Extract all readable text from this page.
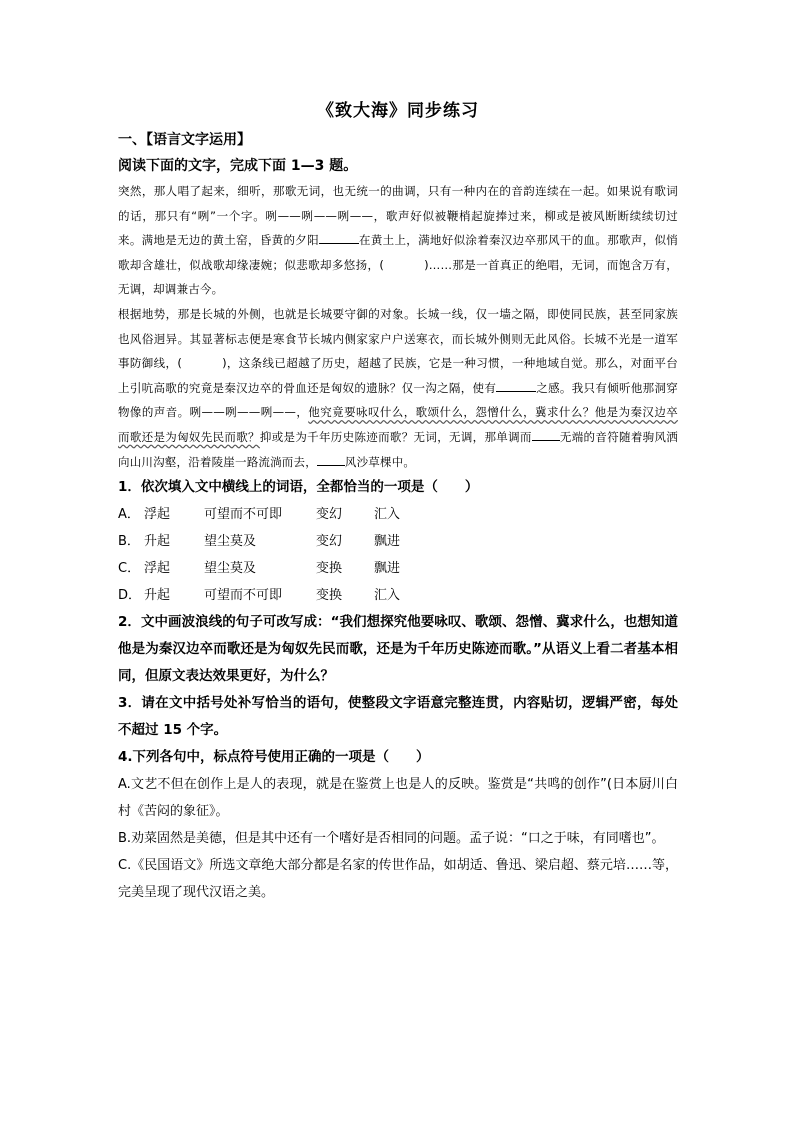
《致大海》同步练习

一、【语言文字运用】

阅读下面的文字，完成下面 1—3 题。

突然，那人唱了起来，细听，那歌无词，也无统一的曲调，只有一种内在的音韵连续在一起。如果说有歌词的话，那只有“咧”一个字。咧——咧——咧——，歌声好似被鞭梢起旋捧过来，柳或是被风断断续续切过来。满地是无边的黄土窑，昏黄的夕阳	在黄土上，满地好似涂着秦汉边卒那风干的血。那歌声，似悄歌却含雄壮，似战歌却缘凄婉；似悲歌却多悠扬，(	)……那是一首真正的绝唱，无词，而饱含万有，无调，却调兼古今。

根据地势，那是长城的外侧，也就是长城要守御的对象。长城一线，仅一墙之隔，即使同民族，甚至同家族也风俗迥异。其显著标志便是寒食节长城内侧家家户户送寒衣，而长城外侧则无此风俗。长城不光是一道军事防御线，(	)，这条线已超越了历史，超越了民族，它是一种习惯，一种地域自觉。那么，对面平台上引吭高歌的究竟是秦汉边卒的骨血还是匈奴的遗脉？仅一沟之隔，使有	之感。我只有倾听他那洞穿物像的声音。咧——咧——咧——，他究竟要咏叹什么，歌颂什么，怨憎什么，冀求什么？他是为秦汉边卒而歌还是为匈奴先民而歌？抑或是为千年历史陈迹而歌？无词，无调，那单调而 无端的音符随着驹风洒向山川沟壑，沿着陵崖一路流淌而去， 风沙草棵中。

1．依次填入文中横线上的词语，全都恰当的一项是（　　）

A． 浮起	可望而不可即	变幻	汇入
B． 升起	望尘莫及	变幻	飘进
C． 浮起	望尘莫及	变换	飘进
D． 升起	可望而不可即	变换	汇入

2．文中画波浪线的句子可改写成：“我们想探究他要咏叹、歌颂、怨憎、冀求什么，也想知道他是为秦汉边卒而歌还是为匈奴先民而歌，还是为千年历史陈迹而歌。”从语义上看二者基本相同，但原文表达效果更好，为什么？

3．请在文中括号处补写恰当的语句，使整段文字语意完整连贯，内容贴切，逻辑严密，每处不超过 15 个字。

4.下列各句中，标点符号使用正确的一项是（　　）

A.文艺不但在创作上是人的表现，就是在鉴赏上也是人的反映。鉴赏是“共鸣的创作”(日本厨川白村《苦闷的象征》。

B.劝菜固然是美德，但是其中还有一个嗜好是否相同的问题。孟子说：“口之于味，有同嗜也”。

C.《民国语文》所选文章绝大部分都是名家的传世作品，如胡适、鲁迅、梁启超、蔡元培……等，完美呈现了现代汉语之美。
